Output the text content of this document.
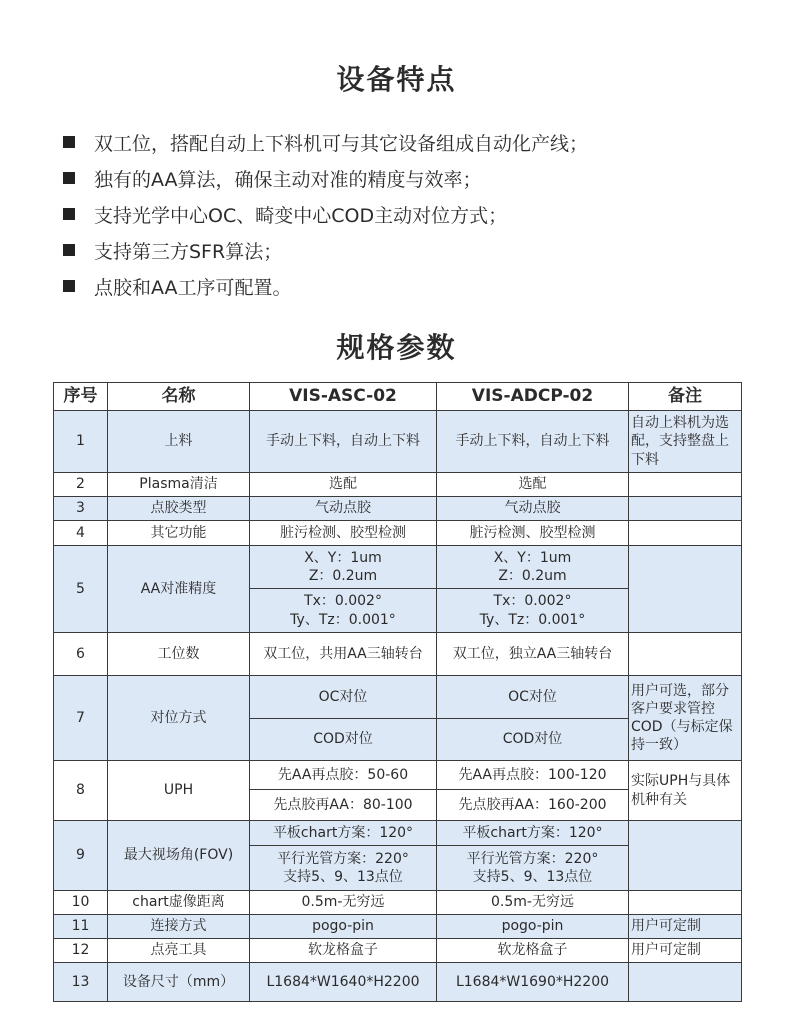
设备特点
双工位，搭配自动上下料机可与其它设备组成自动化产线；
独有的AA算法，确保主动对准的精度与效率；
支持光学中心OC、畸变中心COD主动对位方式；
支持第三方SFR算法；
点胶和AA工序可配置。
规格参数
序号	名称	VIS-ASC-02	VIS-ADCP-02	备注
1	上料	手动上下料，自动上下料	手动上下料，自动上下料	自动上料机为选配，支持整盘上下料
2	Plasma清洁	选配	选配	
3	点胶类型	气动点胶	气动点胶	
4	其它功能	脏污检测、胶型检测	脏污检测、胶型检测	
5	AA对准精度	X、Y：1um
Z：0.2um	X、Y：1um
Z：0.2um	

		Tx：0.002°
Ty、Tz：0.001°	Tx：0.002°
Ty、Tz：0.001°	

6	工位数	双工位，共用AA三轴转台	双工位，独立AA三轴转台	
7	对位方式	OC对位	OC对位	用户可选，部分客户要求管控COD（与标定保持一致）
		COD对位	COD对位	
8	UPH	先AA再点胶：50-60	先AA再点胶：100-120	实际UPH与具体机种有关
		先点胶再AA：80-100	先点胶再AA：160-200	
9	最大视场角(FOV)	平板chart方案：120°	平板chart方案：120°	

		平行光管方案：220°
支持5、9、13点位	平行光管方案：220°
支持5、9、13点位	

10	chart虚像距离	0.5m-无穷远	0.5m-无穷远	
11	连接方式	pogo-pin	pogo-pin	用户可定制
12	点亮工具	软龙格盒子	软龙格盒子	用户可定制
13	设备尺寸（mm）	L1684*W1640*H2200	L1684*W1690*H2200	
